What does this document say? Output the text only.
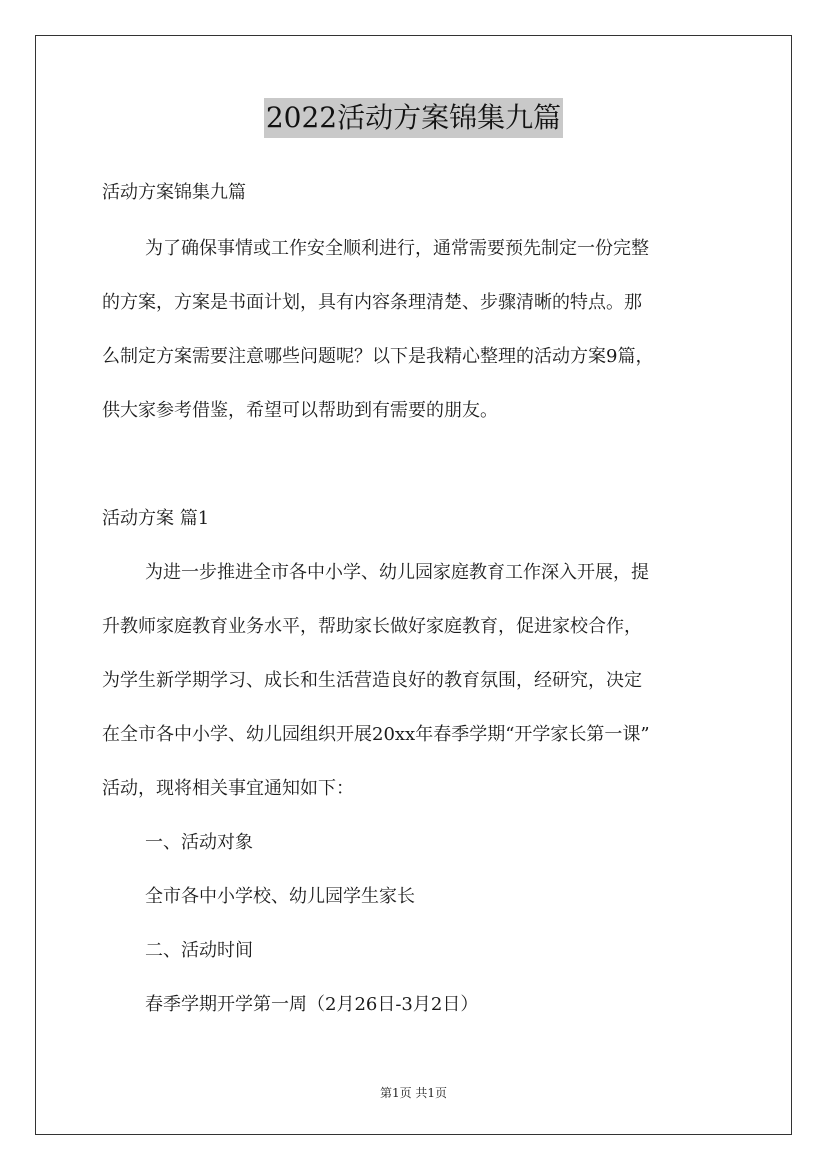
2022活动方案锦集九篇
活动方案锦集九篇
为了确保事情或工作安全顺利进行，通常需要预先制定一份完整
的方案，方案是书面计划，具有内容条理清楚、步骤清晰的特点。那
么制定方案需要注意哪些问题呢？以下是我精心整理的活动方案9篇，
供大家参考借鉴，希望可以帮助到有需要的朋友。
活动方案 篇1
为进一步推进全市各中小学、幼儿园家庭教育工作深入开展，提
升教师家庭教育业务水平，帮助家长做好家庭教育，促进家校合作，
为学生新学期学习、成长和生活营造良好的教育氛围，经研究，决定
在全市各中小学、幼儿园组织开展20xx年春季学期“开学家长第一课”
活动，现将相关事宜通知如下：
一、活动对象
全市各中小学校、幼儿园学生家长
二、活动时间
春季学期开学第一周（2月26日-3月2日）
第1页 共1页
